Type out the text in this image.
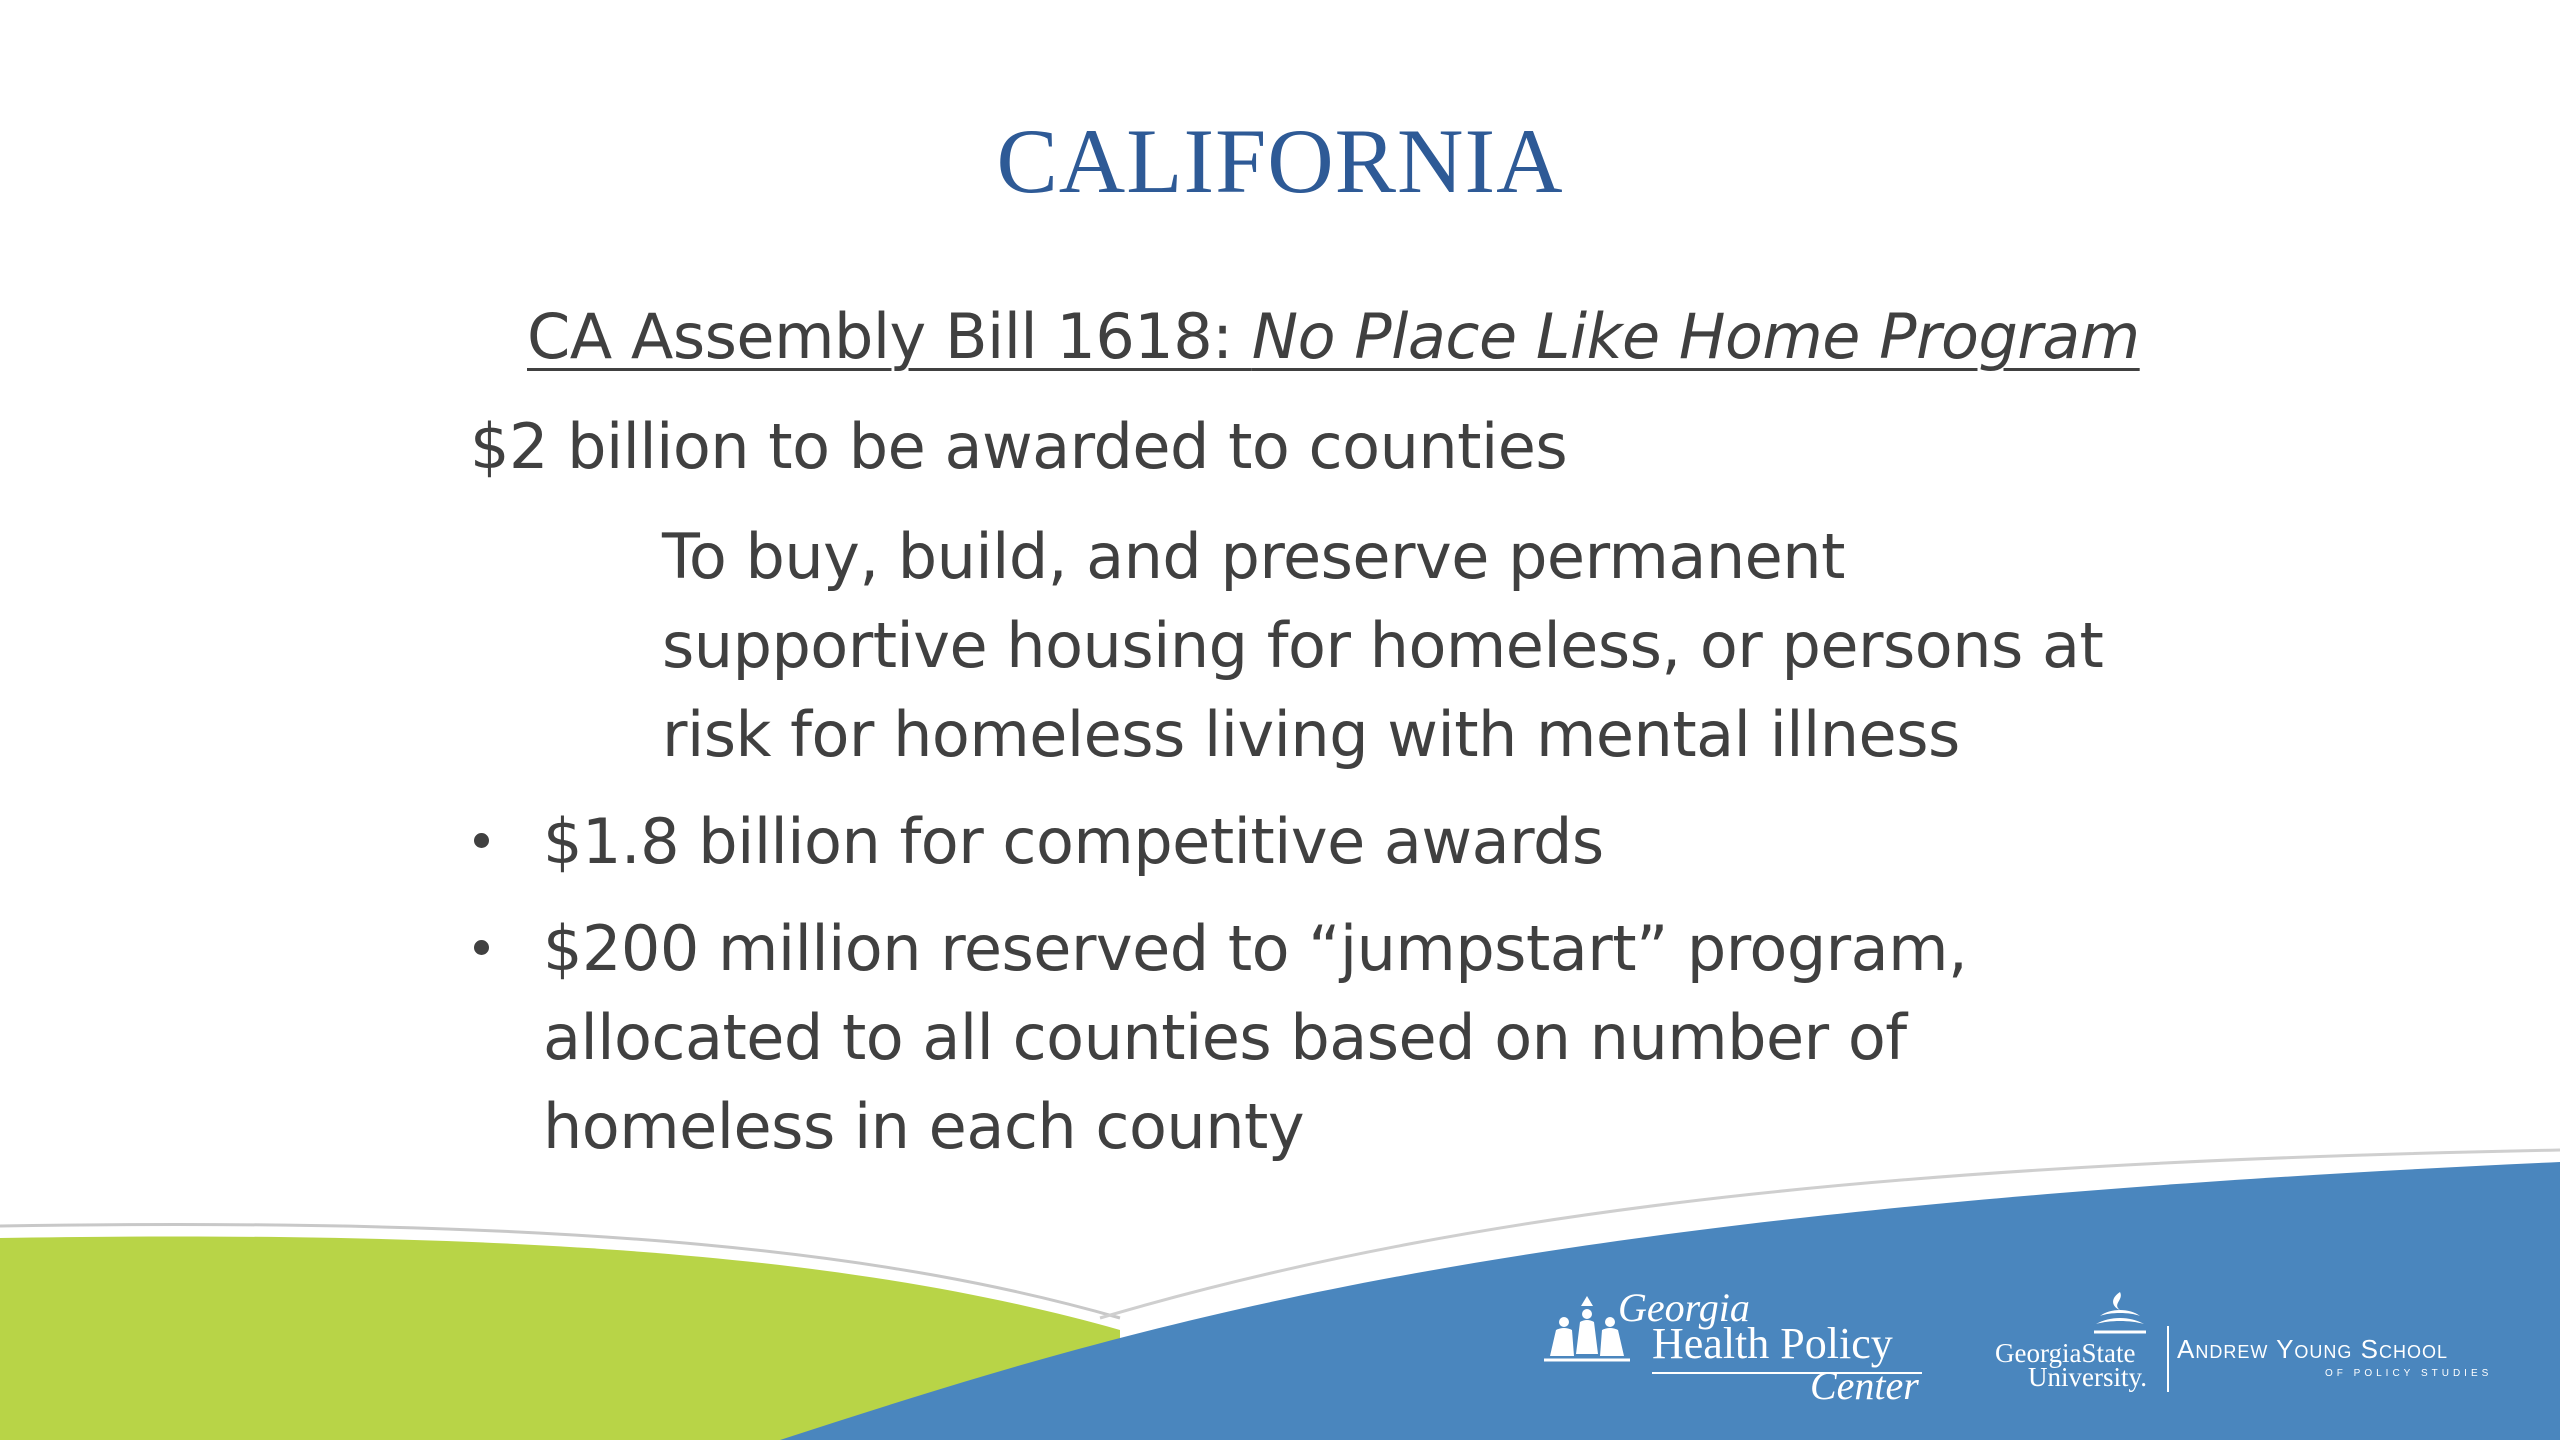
CALIFORNIA
CA Assembly Bill 1618: No Place Like Home Program
$2 billion to be awarded to counties
To buy, build, and preserve permanent
supportive housing for homeless, or persons at
risk for homeless living with mental illness
$1.8 billion for competitive awards
$200 million reserved to “jumpstart” program,
allocated to all counties based on number of
homeless in each county
Georgia
Health Policy
Center
GeorgiaState
University.
Andrew Young School
OF POLICY STUDIES
